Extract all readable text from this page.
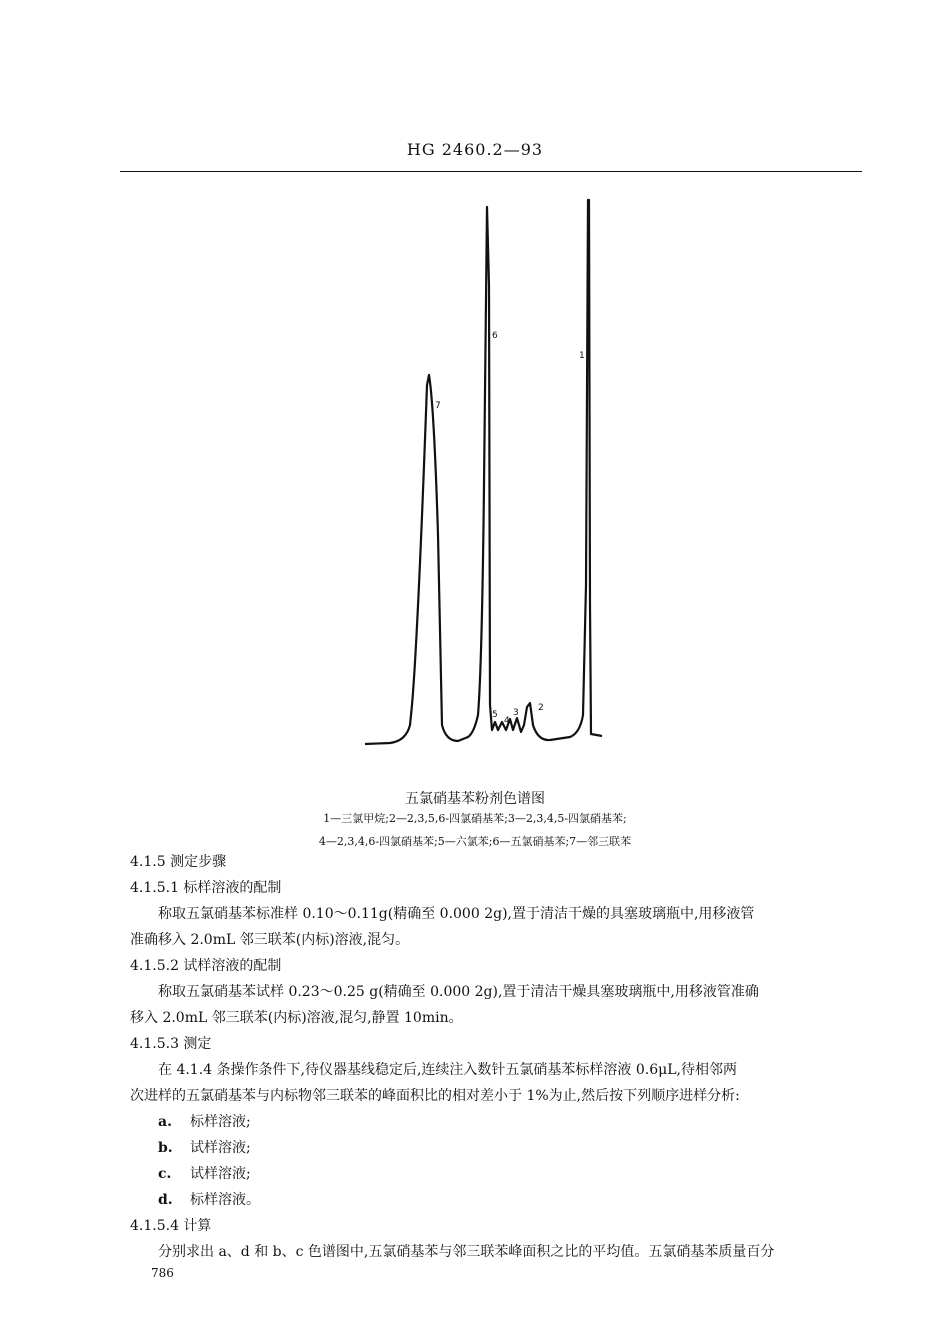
HG 2460.2—93
7
6
1
5
4
3 2
五氯硝基苯粉剂色谱图
1—三氯甲烷;2—2,3,5,6-四氯硝基苯;3—2,3,4,5-四氯硝基苯;
4—2,3,4,6-四氯硝基苯;5—六氯苯;6—五氯硝基苯;7—邻三联苯
4.1.5 测定步骤
4.1.5.1 标样溶液的配制
称取五氯硝基苯标准样 0.10～0.11g(精确至 0.000 2g),置于清洁干燥的具塞玻璃瓶中,用移液管
准确移入 2.0mL 邻三联苯(内标)溶液,混匀。
4.1.5.2 试样溶液的配制
称取五氯硝基苯试样 0.23～0.25 g(精确至 0.000 2g),置于清洁干燥具塞玻璃瓶中,用移液管准确
移入 2.0mL 邻三联苯(内标)溶液,混匀,静置 10min。
4.1.5.3 测定
在 4.1.4 条操作条件下,待仪器基线稳定后,连续注入数针五氯硝基苯标样溶液 0.6μL,待相邻两
次进样的五氯硝基苯与内标物邻三联苯的峰面积比的相对差小于 1%为止,然后按下列顺序进样分析:
a. 标样溶液;
b. 试样溶液;
c. 试样溶液;
d. 标样溶液。
4.1.5.4 计算
分别求出 a、d 和 b、c 色谱图中,五氯硝基苯与邻三联苯峰面积之比的平均值。五氯硝基苯质量百分
786
